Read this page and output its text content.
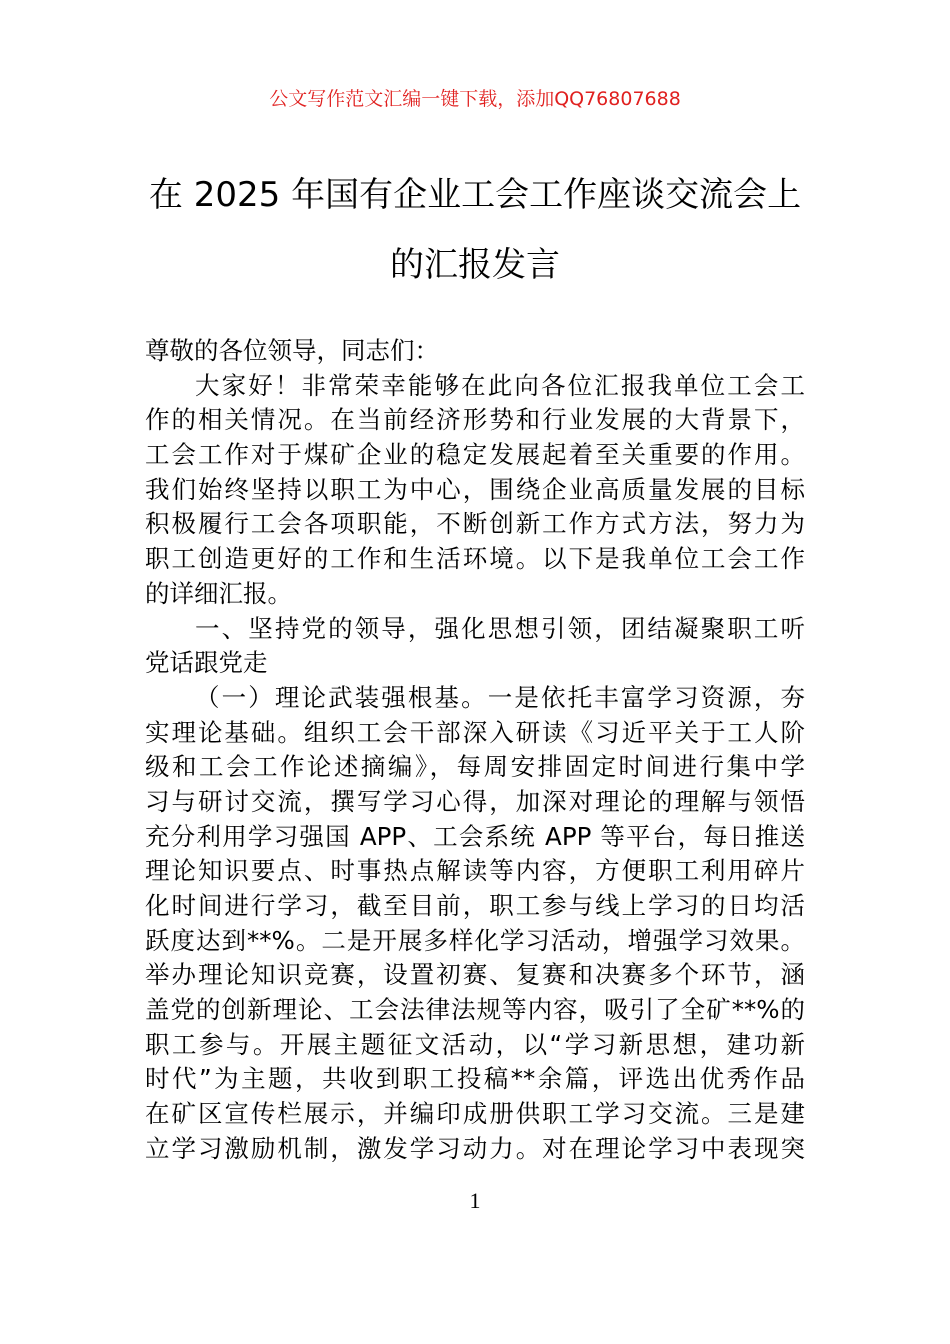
公文写作范文汇编一键下载，添加QQ76807688
在 2025 年国有企业工会工作座谈交流会上
的汇报发言
尊敬的各位领导，同志们：
大家好！非常荣幸能够在此向各位汇报我单位工会工
作的相关情况。在当前经济形势和行业发展的大背景下，
工会工作对于煤矿企业的稳定发展起着至关重要的作用。
我们始终坚持以职工为中心，围绕企业高质量发展的目标
积极履行工会各项职能，不断创新工作方式方法，努力为
职工创造更好的工作和生活环境。以下是我单位工会工作
的详细汇报。
一、坚持党的领导，强化思想引领，团结凝聚职工听
党话跟党走
（一）理论武装强根基。一是依托丰富学习资源，夯
实理论基础。组织工会干部深入研读《习近平关于工人阶
级和工会工作论述摘编》，每周安排固定时间进行集中学
习与研讨交流，撰写学习心得，加深对理论的理解与领悟
充分利用学习强国 APP、工会系统 APP 等平台，每日推送
理论知识要点、时事热点解读等内容，方便职工利用碎片
化时间进行学习，截至目前，职工参与线上学习的日均活
跃度达到**%。二是开展多样化学习活动，增强学习效果。
举办理论知识竞赛，设置初赛、复赛和决赛多个环节，涵
盖党的创新理论、工会法律法规等内容，吸引了全矿**%的
职工参与。开展主题征文活动，以“学习新思想，建功新
时代”为主题，共收到职工投稿**余篇，评选出优秀作品
在矿区宣传栏展示，并编印成册供职工学习交流。三是建
立学习激励机制，激发学习动力。对在理论学习中表现突
1
